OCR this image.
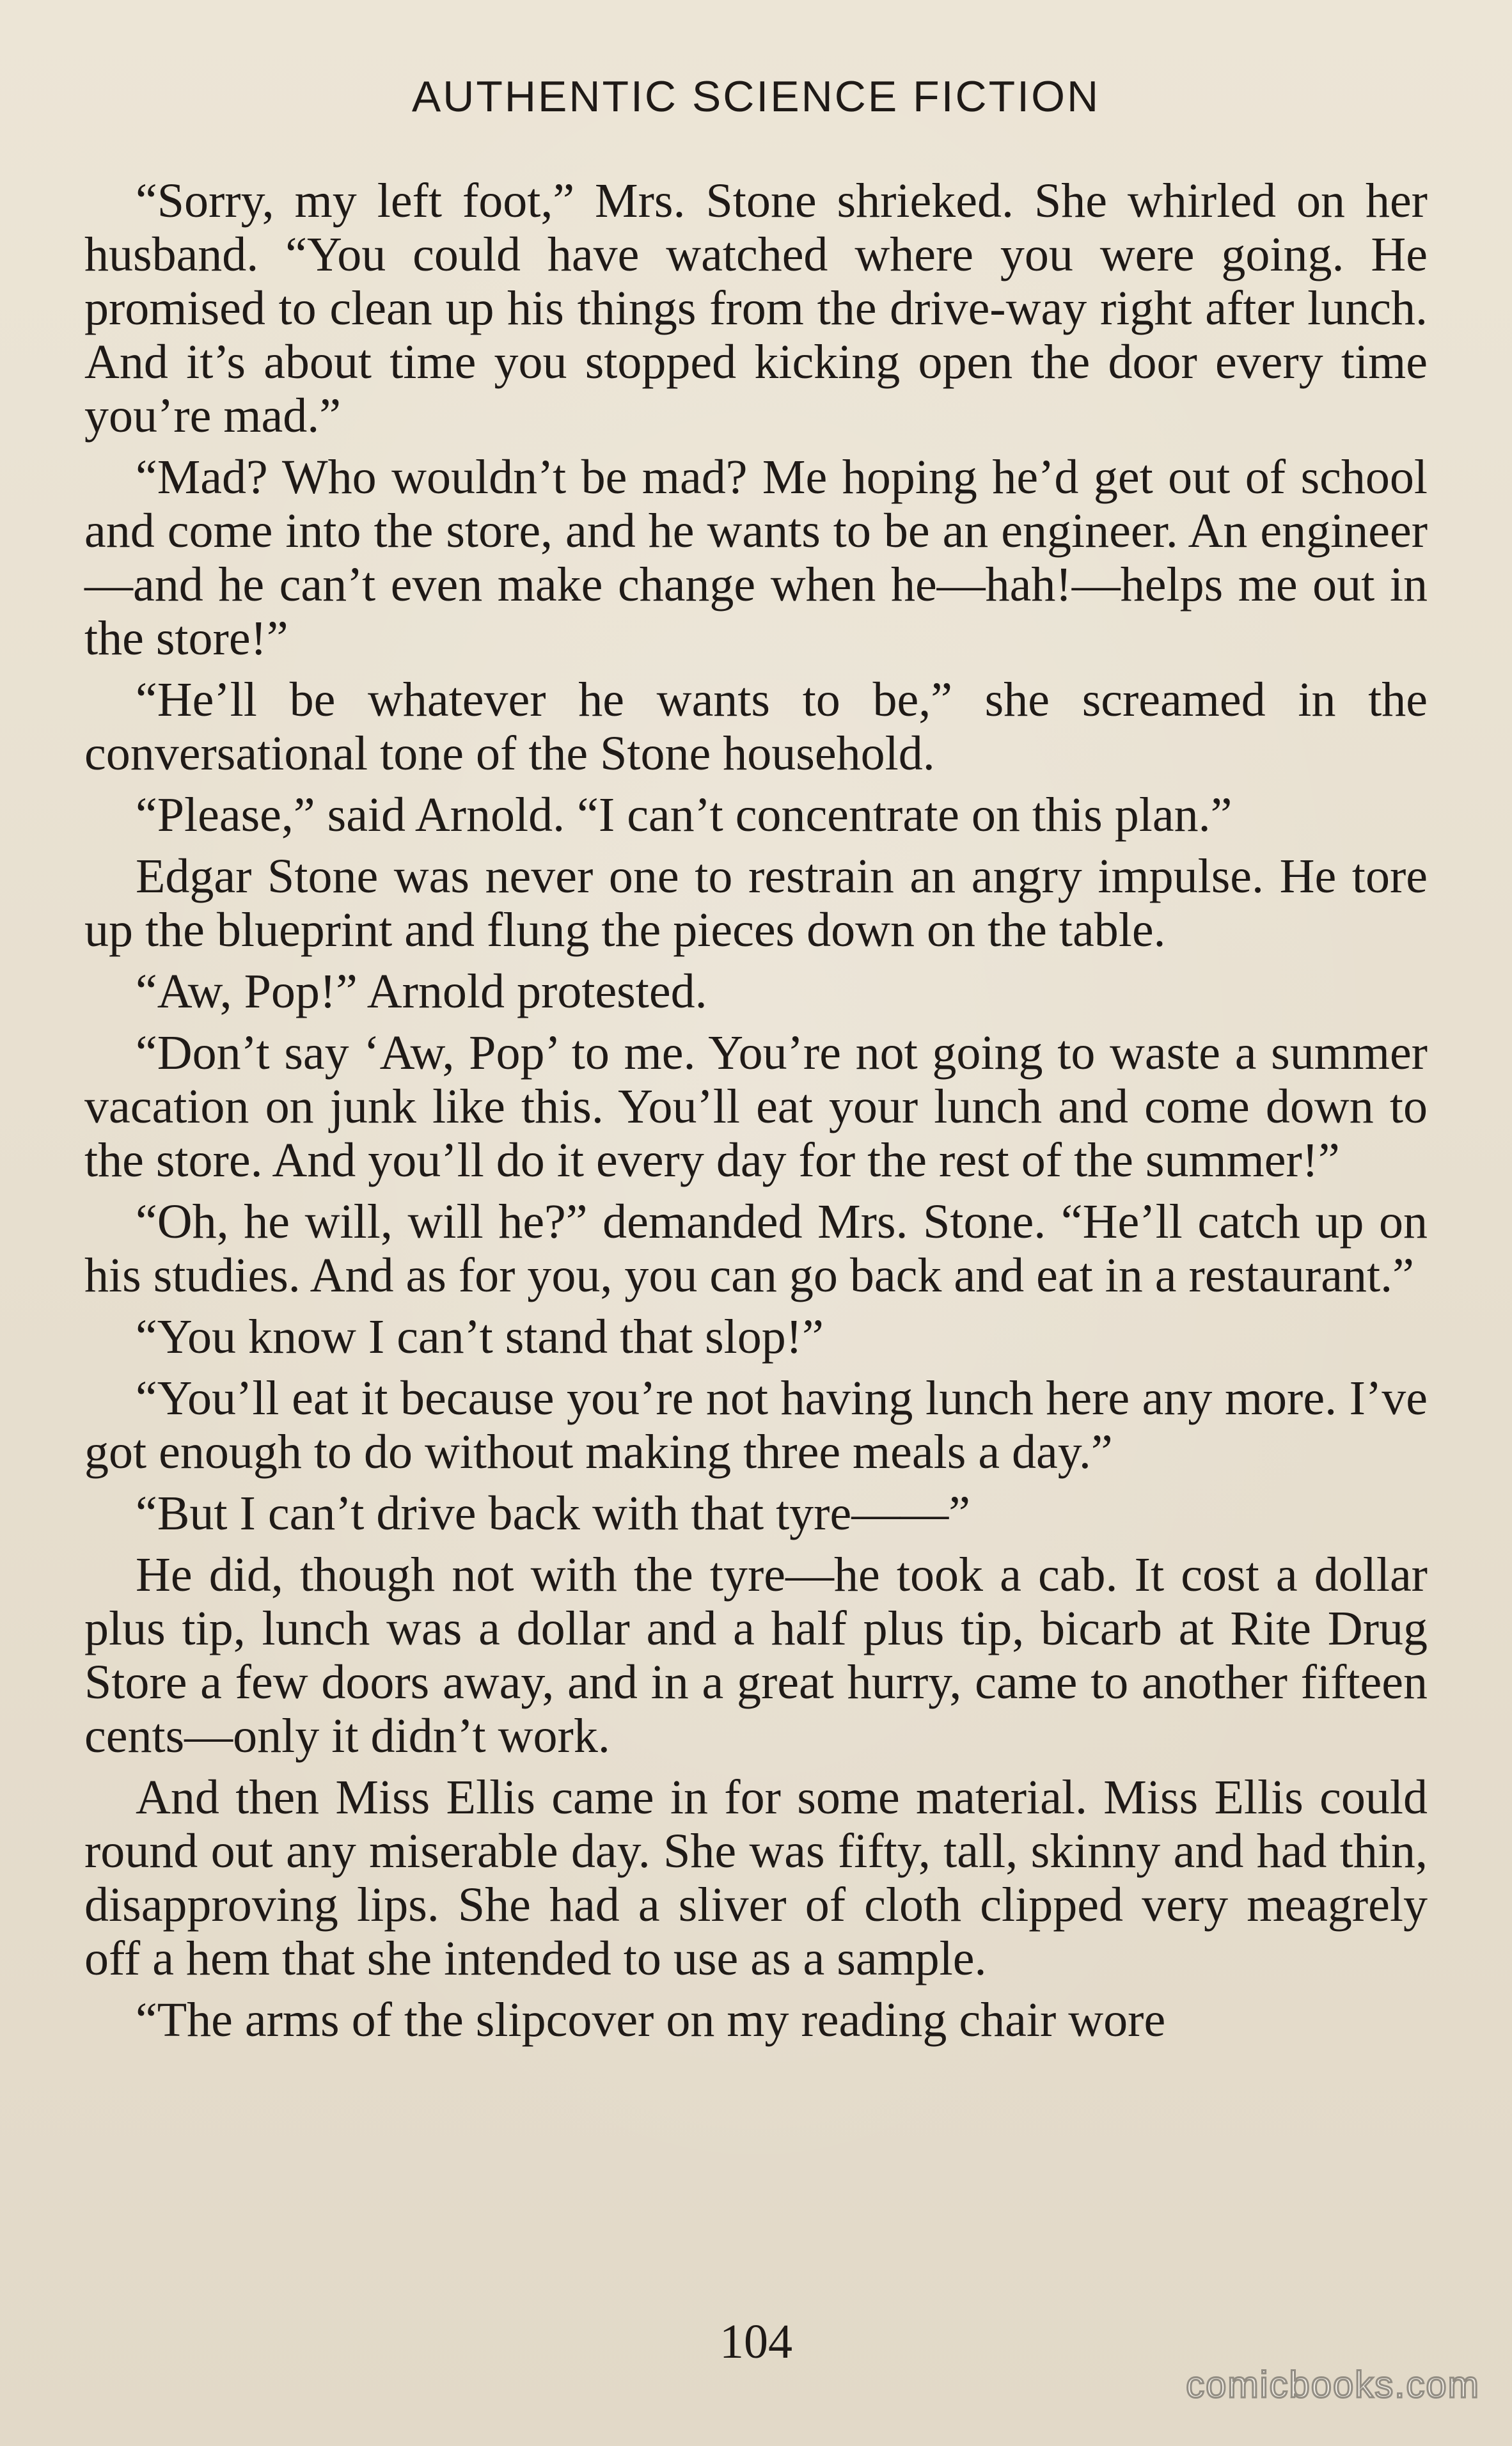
AUTHENTIC SCIENCE FICTION

“Sorry, my left foot,” Mrs. Stone shrieked. She whirled on her husband. “You could have watched where you were going. He promised to clean up his things from the drive-way right after lunch. And it’s about time you stopped kicking open the door every time you’re mad.”

“Mad? Who wouldn’t be mad? Me hoping he’d get out of school and come into the store, and he wants to be an engineer. An engineer—and he can’t even make change when he—hah!—helps me out in the store!”

“He’ll be whatever he wants to be,” she screamed in the conversational tone of the Stone household.

“Please,” said Arnold. “I can’t concentrate on this plan.”

Edgar Stone was never one to restrain an angry impulse. He tore up the blueprint and flung the pieces down on the table.

“Aw, Pop!” Arnold protested.

“Don’t say ‘Aw, Pop’ to me. You’re not going to waste a summer vacation on junk like this. You’ll eat your lunch and come down to the store. And you’ll do it every day for the rest of the summer!”

“Oh, he will, will he?” demanded Mrs. Stone. “He’ll catch up on his studies. And as for you, you can go back and eat in a restaurant.”

“You know I can’t stand that slop!”

“You’ll eat it because you’re not having lunch here any more. I’ve got enough to do without making three meals a day.”

“But I can’t drive back with that tyre——”

He did, though not with the tyre—he took a cab. It cost a dollar plus tip, lunch was a dollar and a half plus tip, bicarb at Rite Drug Store a few doors away, and in a great hurry, came to another fifteen cents—only it didn’t work.

And then Miss Ellis came in for some material. Miss Ellis could round out any miserable day. She was fifty, tall, skinny and had thin, disapproving lips. She had a sliver of cloth clipped very meagrely off a hem that she intended to use as a sample.

“The arms of the slipcover on my reading chair wore

104
comicbooks.com
